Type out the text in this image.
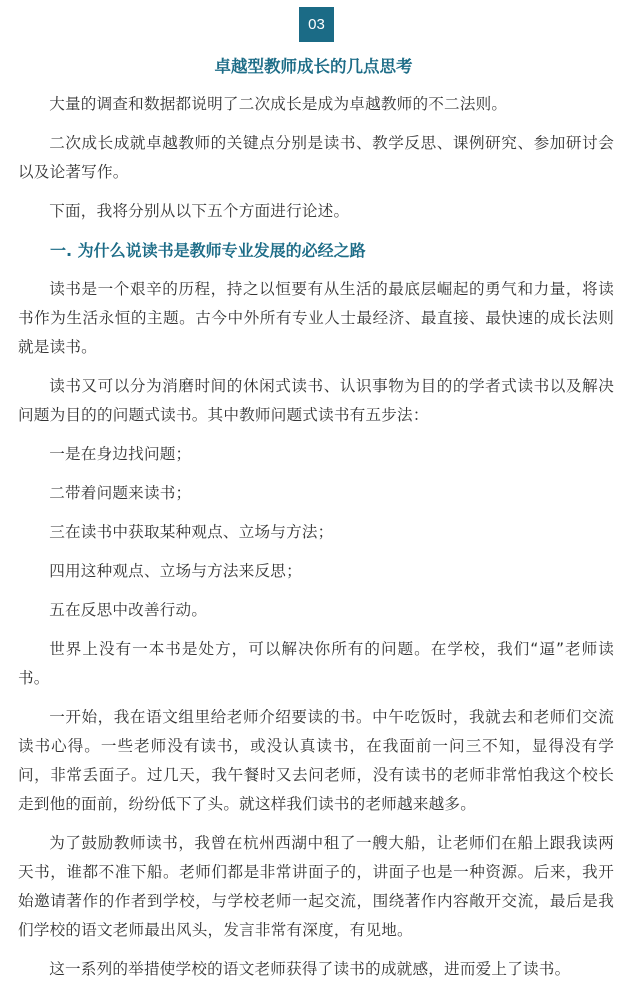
03
卓越型教师成长的几点思考

大量的调查和数据都说明了二次成长是成为卓越教师的不二法则。

二次成长成就卓越教师的关键点分别是读书、教学反思、课例研究、参加研讨会以及论著写作。

下面，我将分别从以下五个方面进行论述。

一. 为什么说读书是教师专业发展的必经之路

读书是一个艰辛的历程，持之以恒要有从生活的最底层崛起的勇气和力量，将读书作为生活永恒的主题。古今中外所有专业人士最经济、最直接、最快速的成长法则就是读书。

读书又可以分为消磨时间的休闲式读书、认识事物为目的的学者式读书以及解决问题为目的的问题式读书。其中教师问题式读书有五步法：

一是在身边找问题；

二带着问题来读书；

三在读书中获取某种观点、立场与方法；

四用这种观点、立场与方法来反思；

五在反思中改善行动。

世界上没有一本书是处方，可以解决你所有的问题。在学校，我们“逼”老师读书。

一开始，我在语文组里给老师介绍要读的书。中午吃饭时，我就去和老师们交流读书心得。一些老师没有读书，或没认真读书，在我面前一问三不知，显得没有学问，非常丢面子。过几天，我午餐时又去问老师，没有读书的老师非常怕我这个校长走到他的面前，纷纷低下了头。就这样我们读书的老师越来越多。

为了鼓励教师读书，我曾在杭州西湖中租了一艘大船，让老师们在船上跟我读两天书，谁都不准下船。老师们都是非常讲面子的，讲面子也是一种资源。后来，我开始邀请著作的作者到学校，与学校老师一起交流，围绕著作内容敞开交流，最后是我们学校的语文老师最出风头，发言非常有深度，有见地。

这一系列的举措使学校的语文老师获得了读书的成就感，进而爱上了读书。
